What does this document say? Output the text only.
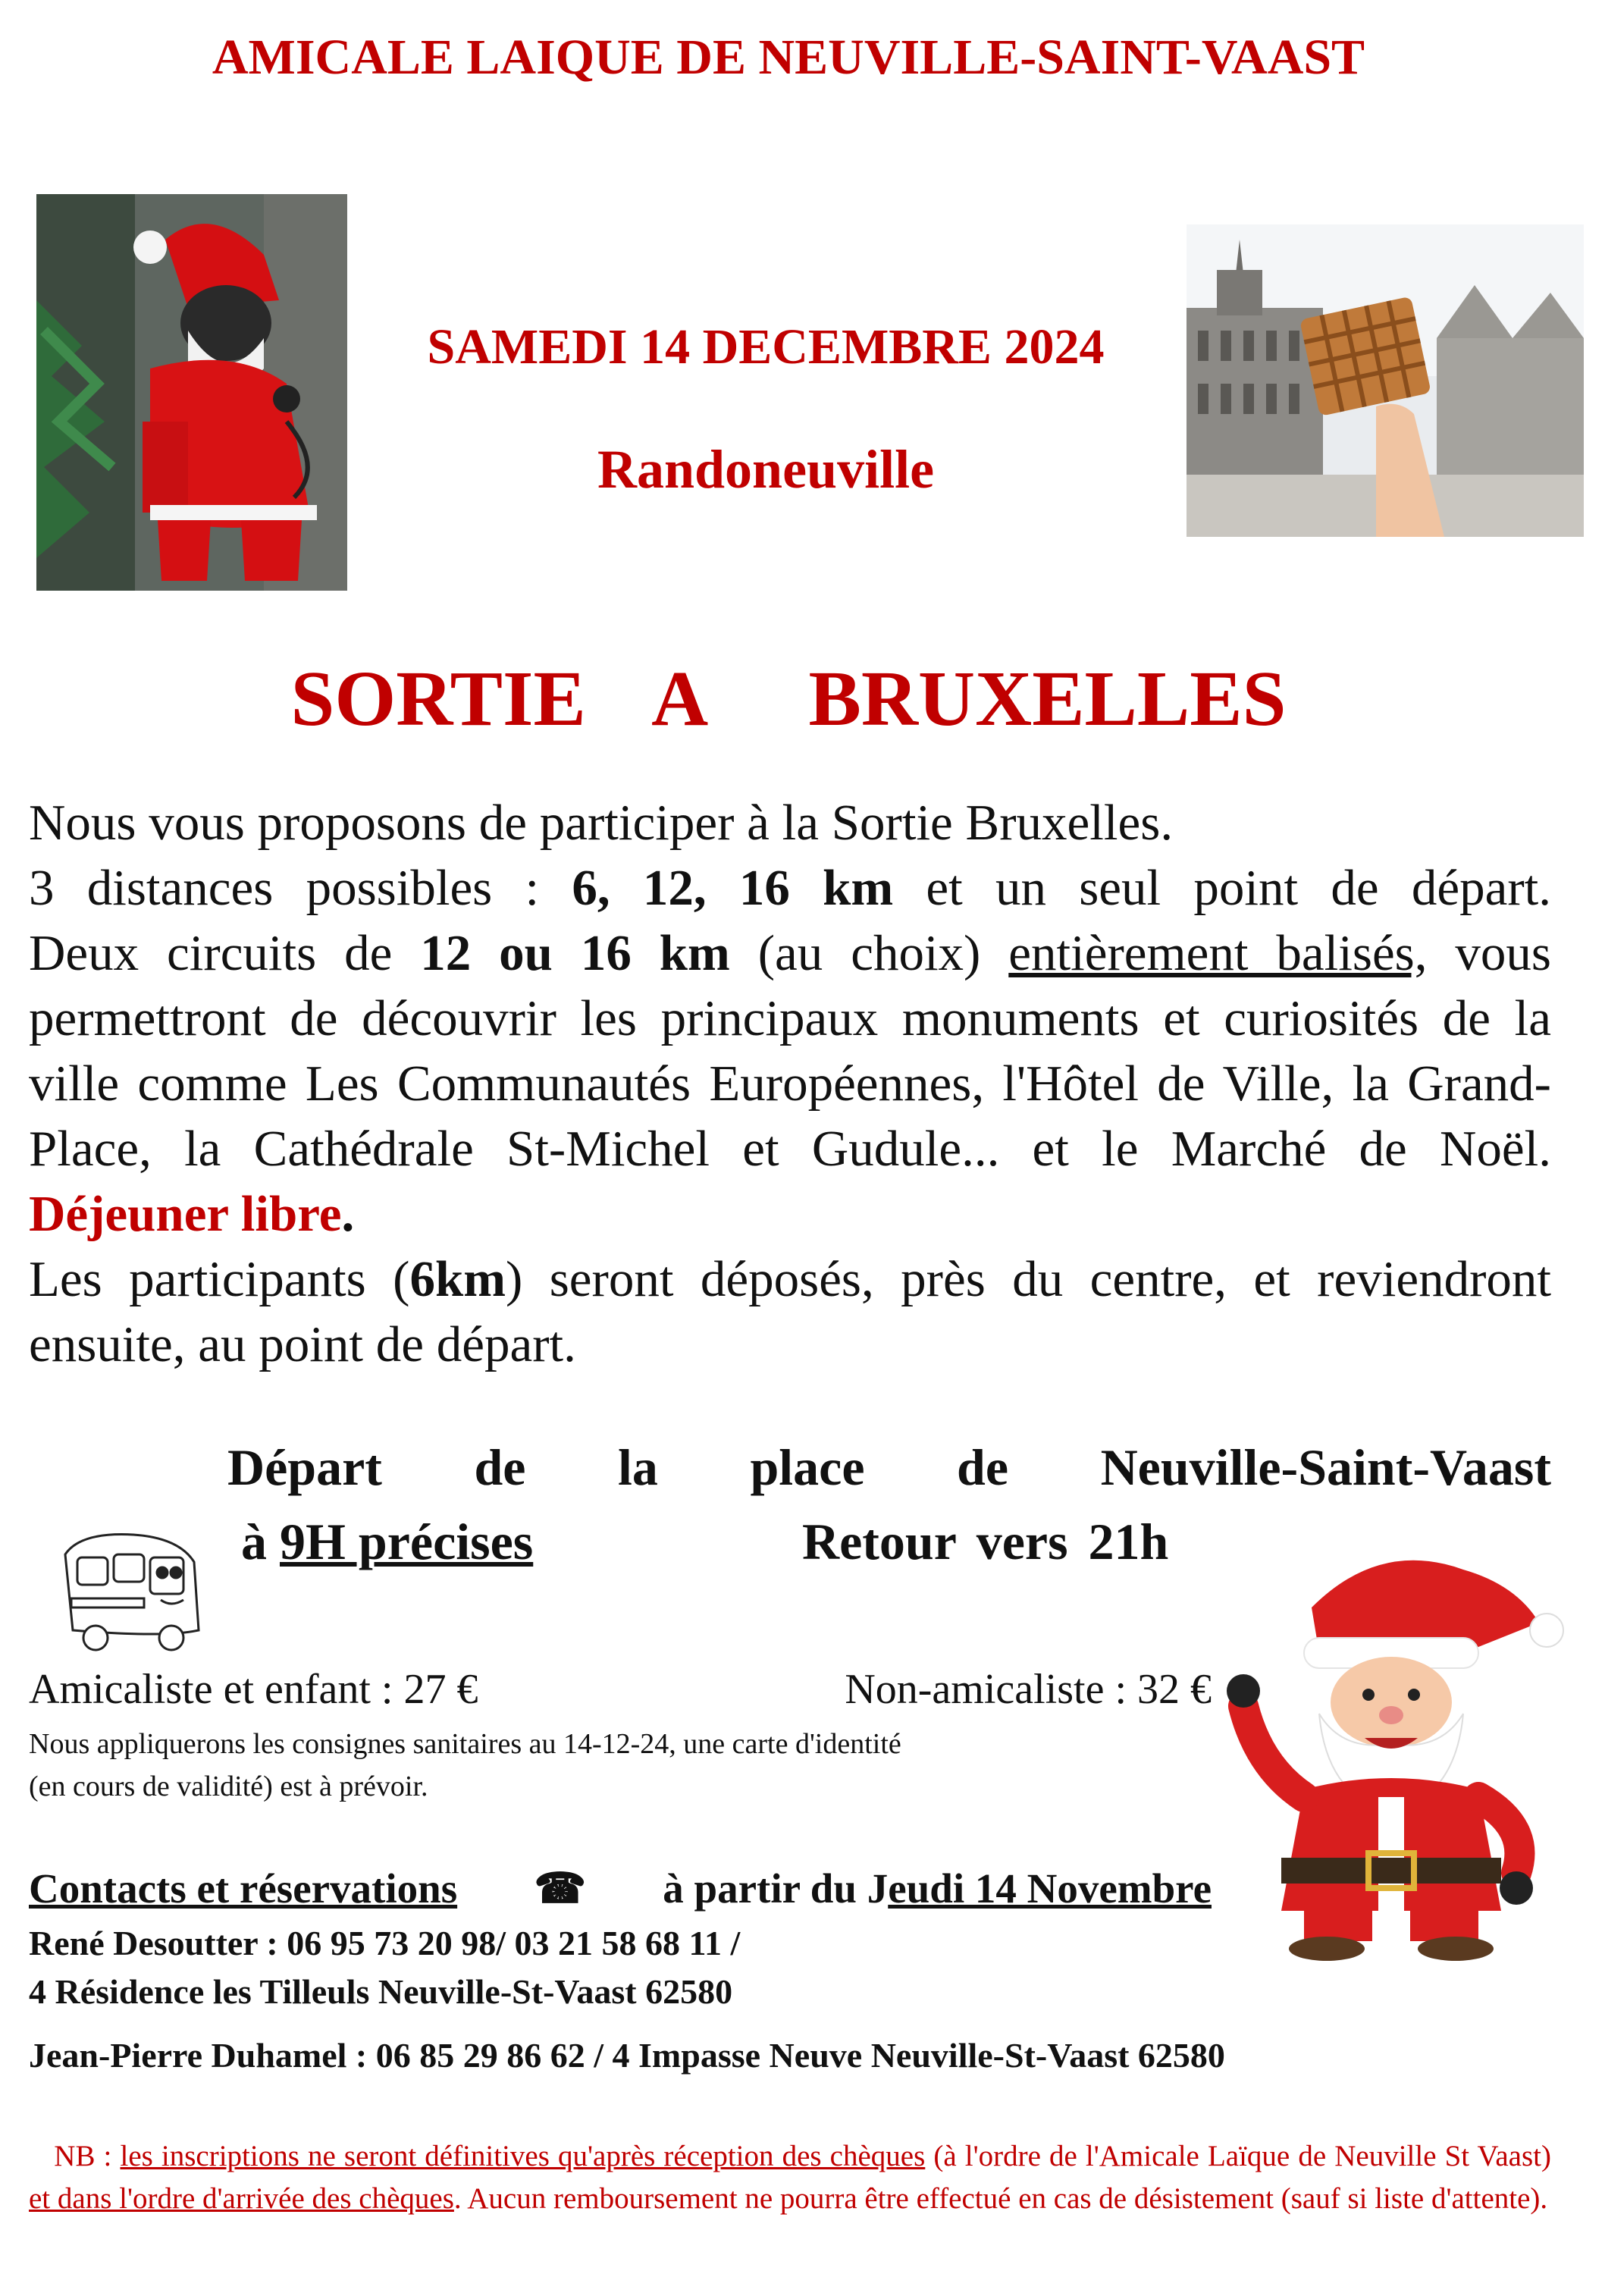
AMICALE LAIQUE DE NEUVILLE-SAINT-VAAST
SAMEDI 14 DECEMBRE 2024
Randoneuville
SORTIE  A   BRUXELLES

Nous vous proposons de participer à la Sortie Bruxelles.

3 distances possibles : 6, 12, 16 km et un seul point de départ.

Deux circuits de 12 ou 16 km (au choix) entièrement balisés, vous permettront de découvrir les principaux monuments et curiosités de la ville comme Les Communautés Européennes, l'Hôtel de Ville, la Grand-Place, la Cathédrale St-Michel et Gudule... et le Marché de Noël. Déjeuner libre.

Les participants (6km) seront déposés, près du centre, et reviendront ensuite, au point de départ.

Départ de la place de Neuville-Saint-Vaast
à 9H précises	Retour vers 21h
Amicaliste et enfant : 27 €	Non-amicaliste : 32 €
Nous appliquerons les consignes sanitaires au 14-12-24, une carte d'identité
(en cours de validité) est à prévoir.
Contacts et réservations ☎ à partir du Jeudi 14 Novembre
René Desoutter : 06 95 73 20 98/ 03 21 58 68 11 /
4 Résidence les Tilleuls Neuville-St-Vaast 62580
Jean-Pierre Duhamel : 06 85 29 86 62 / 4 Impasse Neuve Neuville-St-Vaast 62580
NB : les inscriptions ne seront définitives qu'après réception des chèques (à l'ordre de l'Amicale Laïque de Neuville St Vaast) et dans l'ordre d'arrivée des chèques. Aucun remboursement ne pourra être effectué en cas de désistement (sauf si liste d'attente).
